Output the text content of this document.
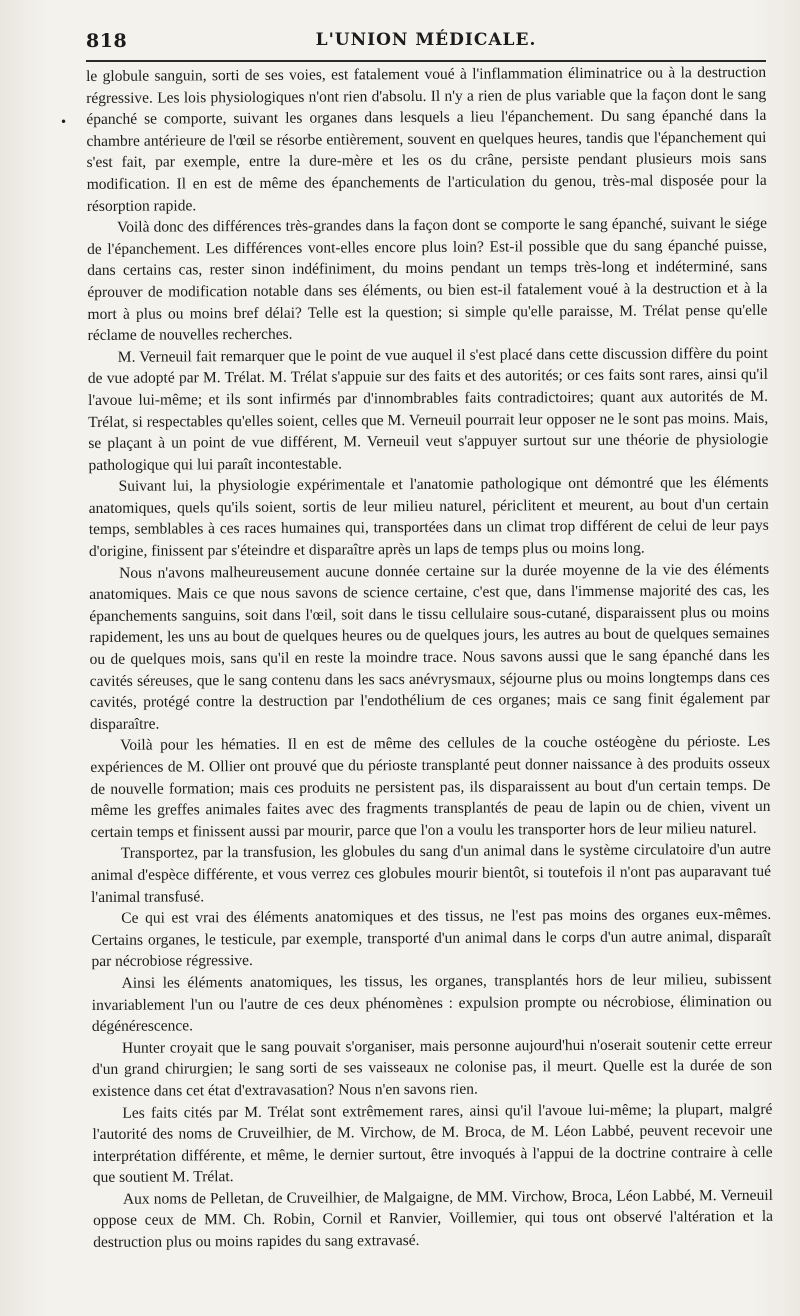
818	L'UNION MÉDICALE.
•

le globule sanguin, sorti de ses voies, est fatalement voué à l'inflammation éliminatrice ou à la destruction régressive. Les lois physiologiques n'ont rien d'absolu. Il n'y a rien de plus variable que la façon dont le sang épanché se comporte, suivant les organes dans lesquels a lieu l'épanchement. Du sang épanché dans la chambre antérieure de l'œil se résorbe entièrement, souvent en quelques heures, tandis que l'épanchement qui s'est fait, par exemple, entre la dure-mère et les os du crâne, persiste pendant plusieurs mois sans modification. Il en est de même des épanchements de l'articulation du genou, très-mal disposée pour la résorption rapide.

Voilà donc des différences très-grandes dans la façon dont se comporte le sang épanché, suivant le siége de l'épanchement. Les différences vont-elles encore plus loin? Est-il possible que du sang épanché puisse, dans certains cas, rester sinon indéfiniment, du moins pendant un temps très-long et indéterminé, sans éprouver de modification notable dans ses éléments, ou bien est-il fatalement voué à la destruction et à la mort à plus ou moins bref délai? Telle est la question; si simple qu'elle paraisse, M. Trélat pense qu'elle réclame de nouvelles recherches.

M. Verneuil fait remarquer que le point de vue auquel il s'est placé dans cette discussion diffère du point de vue adopté par M. Trélat. M. Trélat s'appuie sur des faits et des autorités; or ces faits sont rares, ainsi qu'il l'avoue lui-même; et ils sont infirmés par d'innombrables faits contradictoires; quant aux autorités de M. Trélat, si respectables qu'elles soient, celles que M. Verneuil pourrait leur opposer ne le sont pas moins. Mais, se plaçant à un point de vue différent, M. Verneuil veut s'appuyer surtout sur une théorie de physiologie pathologique qui lui paraît incontestable.

Suivant lui, la physiologie expérimentale et l'anatomie pathologique ont démontré que les éléments anatomiques, quels qu'ils soient, sortis de leur milieu naturel, périclitent et meurent, au bout d'un certain temps, semblables à ces races humaines qui, transportées dans un climat trop différent de celui de leur pays d'origine, finissent par s'éteindre et disparaître après un laps de temps plus ou moins long.

Nous n'avons malheureusement aucune donnée certaine sur la durée moyenne de la vie des éléments anatomiques. Mais ce que nous savons de science certaine, c'est que, dans l'immense majorité des cas, les épanchements sanguins, soit dans l'œil, soit dans le tissu cellulaire sous-cutané, disparaissent plus ou moins rapidement, les uns au bout de quelques heures ou de quelques jours, les autres au bout de quelques semaines ou de quelques mois, sans qu'il en reste la moindre trace. Nous savons aussi que le sang épanché dans les cavités séreuses, que le sang contenu dans les sacs anévrysmaux, séjourne plus ou moins longtemps dans ces cavités, protégé contre la destruction par l'endothélium de ces organes; mais ce sang finit également par disparaître.

Voilà pour les hématies. Il en est de même des cellules de la couche ostéogène du périoste. Les expériences de M. Ollier ont prouvé que du périoste transplanté peut donner naissance à des produits osseux de nouvelle formation; mais ces produits ne persistent pas, ils disparaissent au bout d'un certain temps. De même les greffes animales faites avec des fragments transplantés de peau de lapin ou de chien, vivent un certain temps et finissent aussi par mourir, parce que l'on a voulu les transporter hors de leur milieu naturel.

Transportez, par la transfusion, les globules du sang d'un animal dans le système circulatoire d'un autre animal d'espèce différente, et vous verrez ces globules mourir bientôt, si toutefois il n'ont pas auparavant tué l'animal transfusé.

Ce qui est vrai des éléments anatomiques et des tissus, ne l'est pas moins des organes eux-mêmes. Certains organes, le testicule, par exemple, transporté d'un animal dans le corps d'un autre animal, disparaît par nécrobiose régressive.

Ainsi les éléments anatomiques, les tissus, les organes, transplantés hors de leur milieu, subissent invariablement l'un ou l'autre de ces deux phénomènes : expulsion prompte ou nécrobiose, élimination ou dégénérescence.

Hunter croyait que le sang pouvait s'organiser, mais personne aujourd'hui n'oserait soutenir cette erreur d'un grand chirurgien; le sang sorti de ses vaisseaux ne colonise pas, il meurt. Quelle est la durée de son existence dans cet état d'extravasation? Nous n'en savons rien.

Les faits cités par M. Trélat sont extrêmement rares, ainsi qu'il l'avoue lui-même; la plupart, malgré l'autorité des noms de Cruveilhier, de M. Virchow, de M. Broca, de M. Léon Labbé, peuvent recevoir une interprétation différente, et même, le dernier surtout, être invoqués à l'appui de la doctrine contraire à celle que soutient M. Trélat.

Aux noms de Pelletan, de Cruveilhier, de Malgaigne, de MM. Virchow, Broca, Léon Labbé, M. Verneuil oppose ceux de MM. Ch. Robin, Cornil et Ranvier, Voillemier, qui tous ont observé l'altération et la destruction plus ou moins rapides du sang extravasé.
